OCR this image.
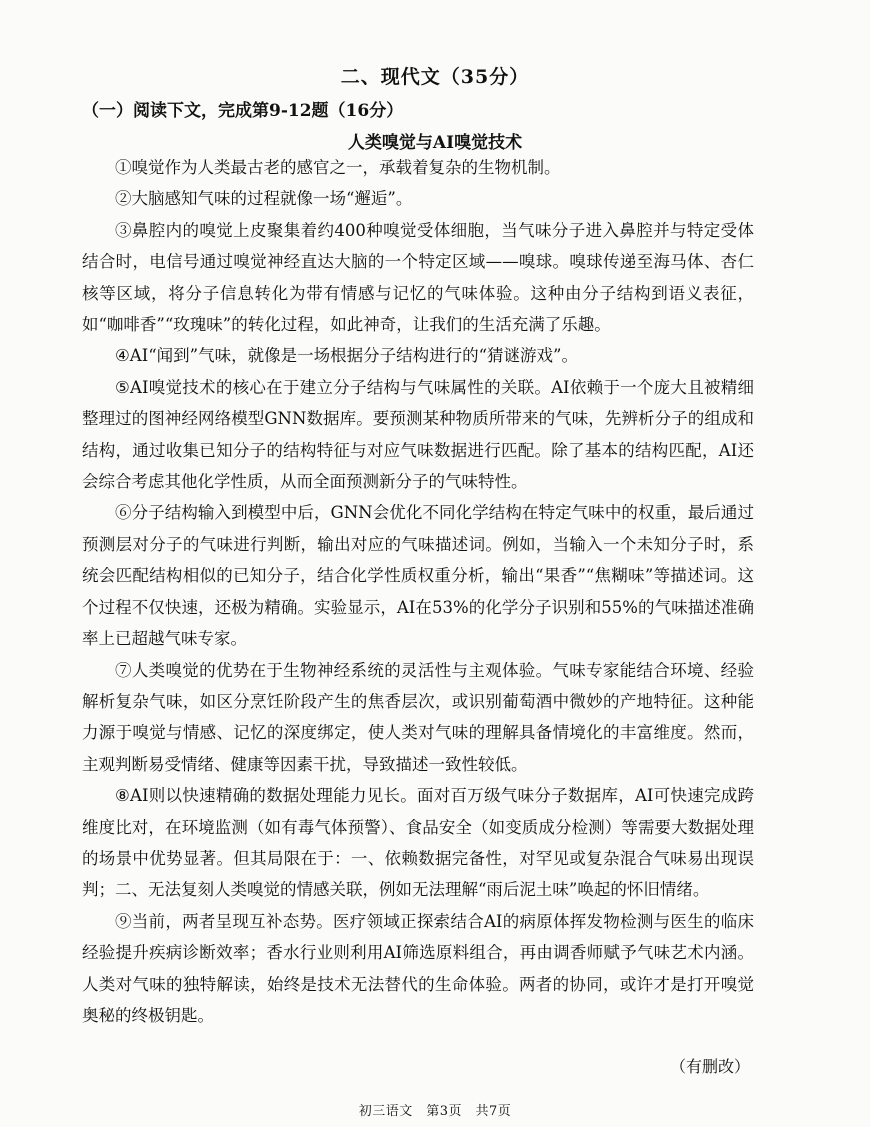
二、现代文（35分）
（一）阅读下文，完成第9-12题（16分）
人类嗅觉与AI嗅觉技术

①嗅觉作为人类最古老的感官之一，承载着复杂的生物机制。

②大脑感知气味的过程就像一场“邂逅”。

③鼻腔内的嗅觉上皮聚集着约400种嗅觉受体细胞，当气味分子进入鼻腔并与特定受体结合时，电信号通过嗅觉神经直达大脑的一个特定区域——嗅球。嗅球传递至海马体、杏仁核等区域，将分子信息转化为带有情感与记忆的气味体验。这种由分子结构到语义表征，如“咖啡香”“玫瑰味”的转化过程，如此神奇，让我们的生活充满了乐趣。

④AI“闻到”气味，就像是一场根据分子结构进行的“猜谜游戏”。

⑤AI嗅觉技术的核心在于建立分子结构与气味属性的关联。AI依赖于一个庞大且被精细整理过的图神经网络模型GNN数据库。要预测某种物质所带来的气味，先辨析分子的组成和结构，通过收集已知分子的结构特征与对应气味数据进行匹配。除了基本的结构匹配，AI还会综合考虑其他化学性质，从而全面预测新分子的气味特性。

⑥分子结构输入到模型中后，GNN会优化不同化学结构在特定气味中的权重，最后通过预测层对分子的气味进行判断，输出对应的气味描述词。例如，当输入一个未知分子时，系统会匹配结构相似的已知分子，结合化学性质权重分析，输出“果香”“焦糊味”等描述词。这个过程不仅快速，还极为精确。实验显示，AI在53%的化学分子识别和55%的气味描述准确率上已超越气味专家。

⑦人类嗅觉的优势在于生物神经系统的灵活性与主观体验。气味专家能结合环境、经验解析复杂气味，如区分烹饪阶段产生的焦香层次，或识别葡萄酒中微妙的产地特征。这种能力源于嗅觉与情感、记忆的深度绑定，使人类对气味的理解具备情境化的丰富维度。然而，主观判断易受情绪、健康等因素干扰，导致描述一致性较低。

⑧AI则以快速精确的数据处理能力见长。面对百万级气味分子数据库，AI可快速完成跨维度比对，在环境监测（如有毒气体预警）、食品安全（如变质成分检测）等需要大数据处理的场景中优势显著。但其局限在于：一、依赖数据完备性，对罕见或复杂混合气味易出现误判；二、无法复刻人类嗅觉的情感关联，例如无法理解“雨后泥土味”唤起的怀旧情绪。

⑨当前，两者呈现互补态势。医疗领域正探索结合AI的病原体挥发物检测与医生的临床经验提升疾病诊断效率；香水行业则利用AI筛选原料组合，再由调香师赋予气味艺术内涵。人类对气味的独特解读，始终是技术无法替代的生命体验。两者的协同，或许才是打开嗅觉奥秘的终极钥匙。

（有删改）
初三语文　第3页　共7页
